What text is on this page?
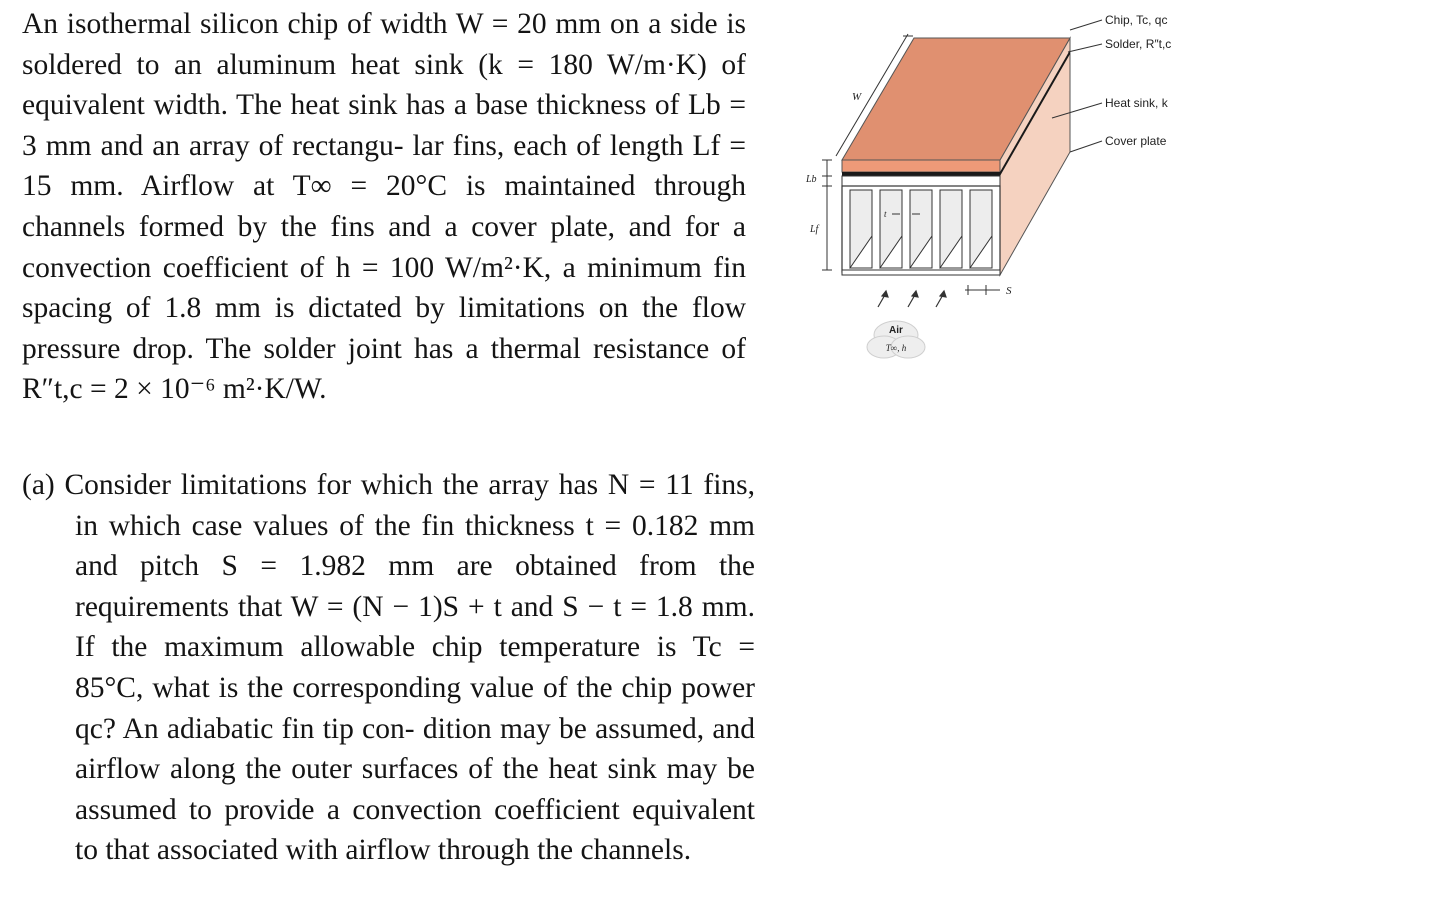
An isothermal silicon chip of width W = 20 mm on a side is soldered to an aluminum heat sink (k = 180 W/m·K) of equivalent width. The heat sink has a base thickness of Lb = 3 mm and an array of rectangu- lar fins, each of length Lf = 15 mm. Airflow at T∞ = 20°C is maintained through channels formed by the fins and a cover plate, and for a convection coefficient of h = 100 W/m²·K, a minimum fin spacing of 1.8 mm is dictated by limitations on the flow pressure drop. The solder joint has a thermal resistance of R″t,c = 2 × 10⁻⁶ m²·K/W.

(a) Consider limitations for which the array has N = 11 fins, in which case values of the fin thickness t = 0.182 mm and pitch S = 1.982 mm are obtained from the requirements that W = (N − 1)S + t and S − t = 1.8 mm. If the maximum allowable chip temperature is Tc = 85°C, what is the corresponding value of the chip power qc? An adiabatic fin tip con- dition may be assumed, and airflow along the outer surfaces of the heat sink may be assumed to provide a convection coefficient equivalent to that associated with airflow through the channels.

W
Lb
Lf
t
S
Air
T∞, h
Chip, Tc, qc
Solder, R″t,c
Heat sink, k
Cover plate
